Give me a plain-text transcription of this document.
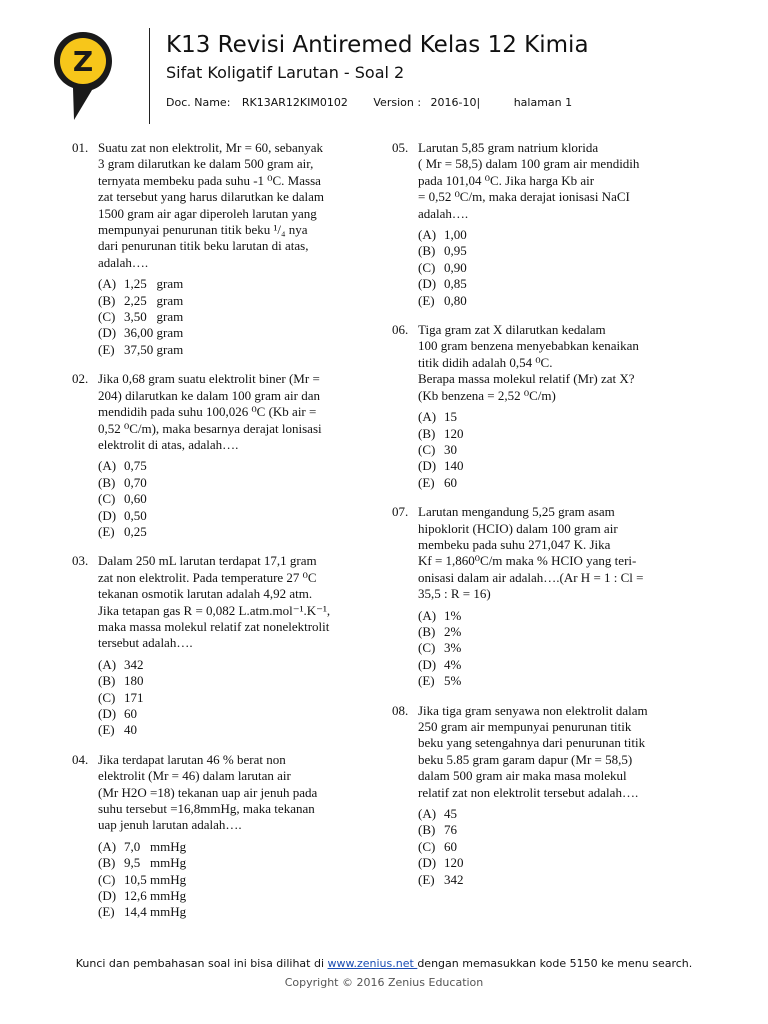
Z	K13 Revisi Antiremed Kelas 12 Kimia
Sifat Koligatif Larutan - Soal 2
Doc. Name: RK13AR12KIM0102 Version : 2016-10|	halaman 1
01. Suatu zat non elektrolit, Mr = 60, sebanyak
3 gram dilarutkan ke dalam 500 gram air,
ternyata membeku pada suhu -1 ⁰C. Massa
zat tersebut yang harus dilarutkan ke dalam
1500 gram air agar diperoleh larutan yang
mempunyai penurunan titik beku ¹/₄ nya
dari penurunan titik beku larutan di atas,
adalah….
(A) 1,25   gram
(B) 2,25   gram
(C) 3,50   gram
(D) 36,00 gram
(E) 37,50 gram
02. Jika 0,68 gram suatu elektrolit biner (Mr =
204) dilarutkan ke dalam 100 gram air dan
mendidih pada suhu 100,026 ⁰C (Kb air =
0,52 ⁰C/m), maka besarnya derajat lonisasi
elektrolit di atas, adalah….
(A) 0,75
(B) 0,70
(C) 0,60
(D) 0,50
(E) 0,25
03. Dalam 250 mL larutan terdapat 17,1 gram
zat non elektrolit. Pada temperature 27 ⁰C
tekanan osmotik larutan adalah 4,92 atm.
Jika tetapan gas R = 0,082 L.atm.mol⁻¹.K⁻¹,
maka massa molekul relatif zat nonelektrolit
tersebut adalah….
(A) 342
(B) 180
(C) 171
(D) 60
(E) 40
04. Jika terdapat larutan 46 % berat non
elektrolit (Mr = 46) dalam larutan air
(Mr H2O =18) tekanan uap air jenuh pada
suhu tersebut =16,8mmHg, maka tekanan
uap jenuh larutan adalah….
(A) 7,0   mmHg
(B) 9,5   mmHg
(C) 10,5 mmHg
(D) 12,6 mmHg
(E) 14,4 mmHg
05. Larutan 5,85 gram natrium klorida
( Mr = 58,5) dalam 100 gram air mendidih
pada 101,04 ⁰C. Jika harga Kb air
= 0,52 ⁰C/m, maka derajat ionisasi NaCI
adalah….
(A) 1,00
(B) 0,95
(C) 0,90
(D) 0,85
(E) 0,80
06. Tiga gram zat X dilarutkan kedalam
100 gram benzena menyebabkan kenaikan
titik didih adalah 0,54 ⁰C.
Berapa massa molekul relatif (Mr) zat X?
(Kb benzena = 2,52 ⁰C/m)
(A) 15
(B) 120
(C) 30
(D) 140
(E) 60
07. Larutan mengandung 5,25 gram asam
hipoklorit (HCIO) dalam 100 gram air
membeku pada suhu 271,047 K. Jika
Kf = 1,860⁰C/m maka % HCIO yang teri-
onisasi dalam air adalah….(Ar H = 1 : Cl =
35,5 : R = 16)
(A) 1%
(B) 2%
(C) 3%
(D) 4%
(E) 5%
08. Jika tiga gram senyawa non elektrolit dalam
250 gram air mempunyai penurunan titik
beku yang setengahnya dari penurunan titik
beku 5.85 gram garam dapur (Mr = 58,5)
dalam 500 gram air maka masa molekul
relatif zat non elektrolit tersebut adalah….
(A) 45
(B) 76
(C) 60
(D) 120
(E) 342
Kunci dan pembahasan soal ini bisa dilihat di www.zenius.net dengan memasukkan kode 5150 ke menu search.
Copyright © 2016 Zenius Education
